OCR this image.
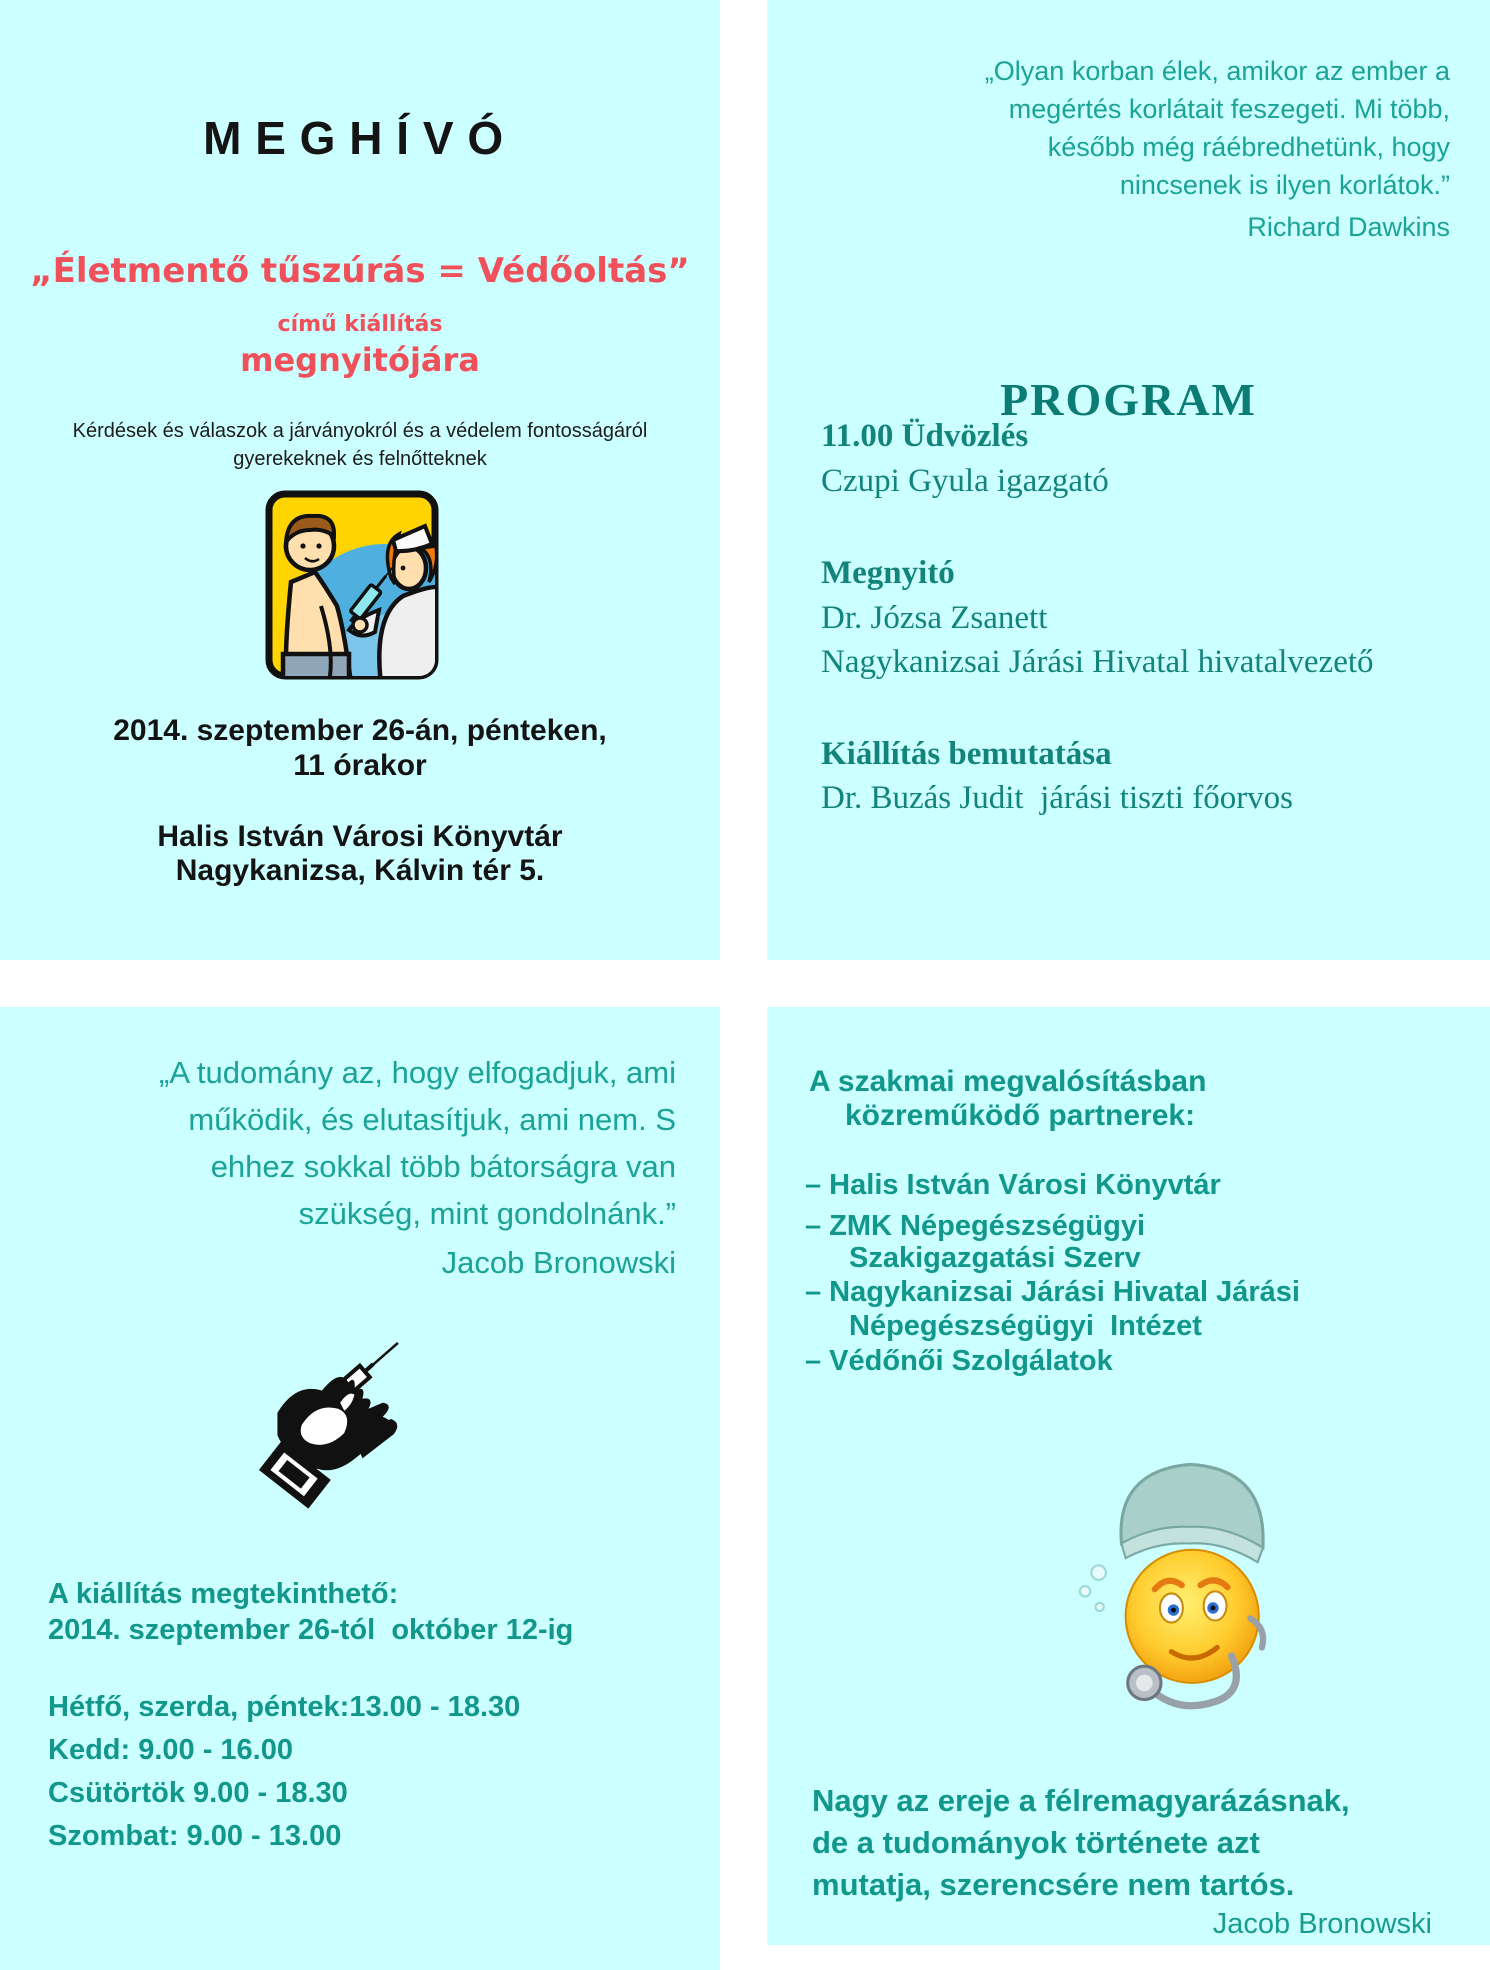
MEGHÍVÓ
„Életmentő tűszúrás = Védőoltás”
című kiállítás
megnyitójára
Kérdések és válaszok a járványokról és a védelem fontosságáról
gyerekeknek és felnőtteknek
2014. szeptember 26-án, pénteken,
11 órakor
Halis István Városi Könyvtár
Nagykanizsa, Kálvin tér 5.
„Olyan korban élek, amikor az ember a
megértés korlátait feszegeti. Mi több,
később még ráébredhetünk, hogy
nincsenek is ilyen korlátok.”
Richard Dawkins
PROGRAM
11.00 Üdvözlés
Czupi Gyula igazgató
Megnyitó
Dr. Józsa Zsanett
Nagykanizsai Járási Hivatal hivatalvezető
Kiállítás bemutatása
Dr. Buzás Judit  járási tiszti főorvos
„A tudomány az, hogy elfogadjuk, ami
működik, és elutasítjuk, ami nem. S
ehhez sokkal több bátorságra van
szükség, mint gondolnánk.”
Jacob Bronowski
A kiállítás megtekinthető:
2014. szeptember 26-tól  október 12-ig
Hétfő, szerda, péntek:13.00 - 18.30
Kedd: 9.00 - 16.00
Csütörtök 9.00 - 18.30
Szombat: 9.00 - 13.00
A szakmai megvalósításban
közreműködő partnerek:
– Halis István Városi Könyvtár
– ZMK Népegészségügyi
Szakigazgatási Szerv
– Nagykanizsai Járási Hivatal Járási
Népegészségügyi  Intézet
– Védőnői Szolgálatok
Nagy az ereje a félremagyarázásnak,
de a tudományok története azt
mutatja, szerencsére nem tartós.
Jacob Bronowski
